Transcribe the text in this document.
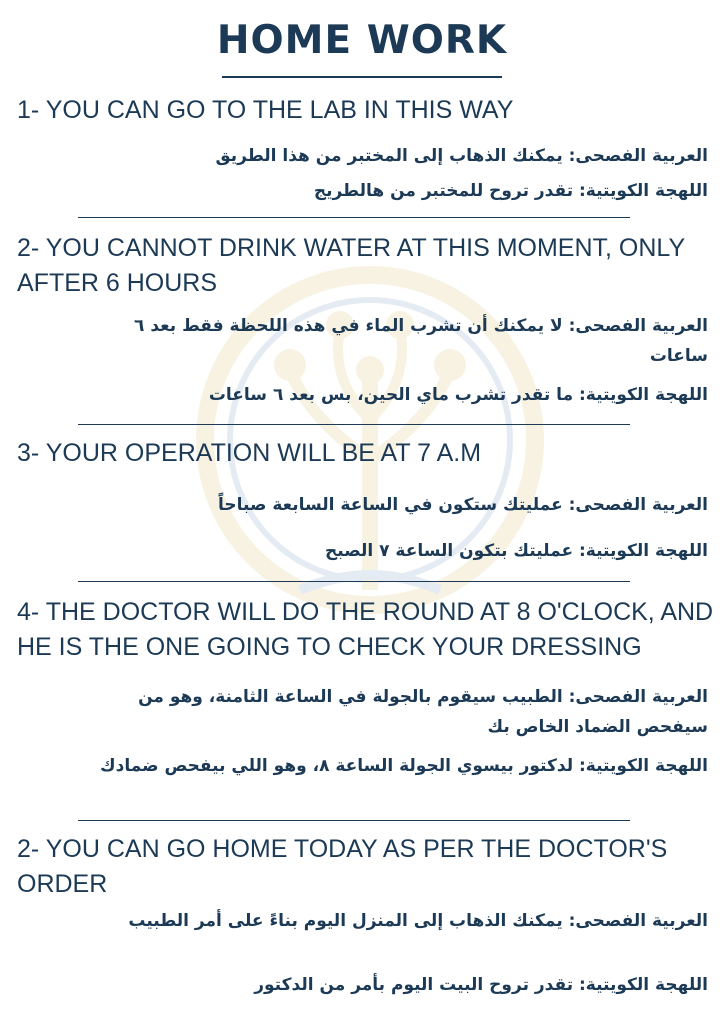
HOME WORK
1- YOU CAN GO TO THE LAB IN THIS WAY
العربية الفصحى: يمكنك الذهاب إلى المختبر من هذا الطريق
اللهجة الكويتية: تقدر تروح للمختبر من هالطريج
2- YOU CANNOT DRINK WATER AT THIS MOMENT, ONLY AFTER 6 HOURS
العربية الفصحى: لا يمكنك أن تشرب الماء في هذه اللحظة فقط بعد ٦ ساعات
اللهجة الكويتية: ما تقدر تشرب ماي الحين، بس بعد ٦ ساعات
3- YOUR OPERATION WILL BE AT 7 A.M
العربية الفصحى: عمليتك ستكون في الساعة السابعة صباحاً
اللهجة الكويتية: عمليتك بتكون الساعة ٧ الصبح
4- THE DOCTOR WILL DO THE ROUND AT 8 O'CLOCK, AND HE IS THE ONE GOING TO CHECK YOUR DRESSING
العربية الفصحى: الطبيب سيقوم بالجولة في الساعة الثامنة، وهو من سيفحص الضماد الخاص بك
اللهجة الكويتية: لدكتور بيسوي الجولة الساعة ٨، وهو اللي بيفحص ضمادك
2- YOU CAN GO HOME TODAY AS PER THE DOCTOR'S ORDER
العربية الفصحى: يمكنك الذهاب إلى المنزل اليوم بناءً على أمر الطبيب
اللهجة الكويتية: تقدر تروح البيت اليوم بأمر من الدكتور
